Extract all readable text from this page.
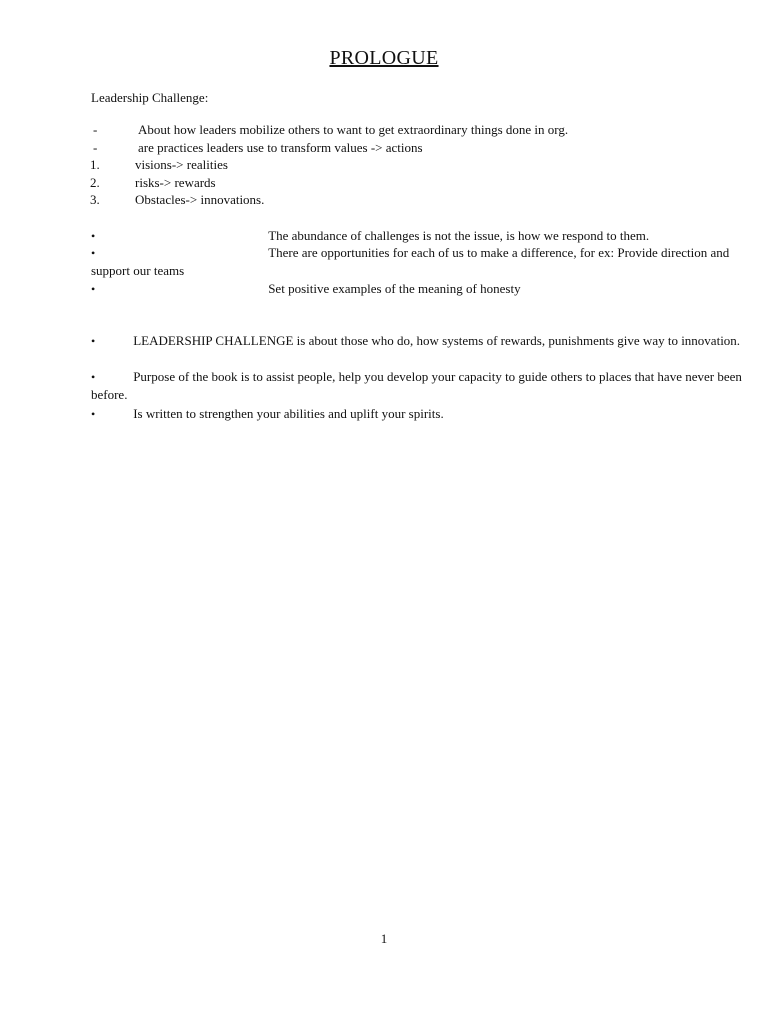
PROLOGUE
Leadership Challenge:
-	About how leaders mobilize others to want to get extraordinary things done in org.
-	are practices leaders use to transform values -> actions
1.	visions-> realities
2.	risks-> rewards
3.	Obstacles-> innovations.
•	The abundance of challenges is not the issue, is how we respond to them.
•	There are opportunities for each of us to make a difference, for ex: Provide direction and support our teams
•	Set positive examples of the meaning of honesty
•	LEADERSHIP CHALLENGE is about those who do, how systems of rewards, punishments give way to innovation.
•	Purpose of the book is to assist people, help you develop your capacity to guide others to places that have never been before.
•	Is written to strengthen your abilities and uplift your spirits.
1
